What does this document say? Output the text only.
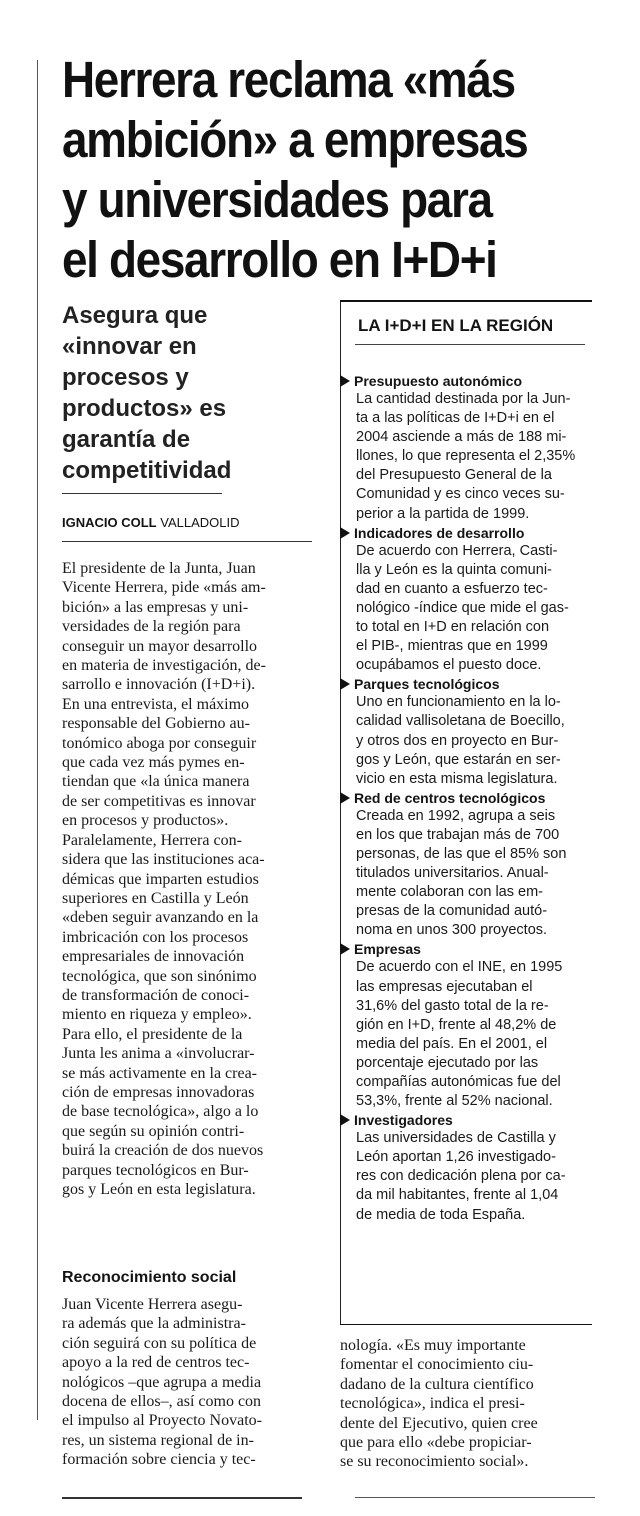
Herrera reclama «más
ambición» a empresas
y universidades para
el desarrollo en I+D+i
Asegura que
«innovar en
procesos y
productos» es
garantía de
competitividad
IGNACIO COLL VALLADOLID
El presidente de la Junta, Juan
Vicente Herrera, pide «más am-
bición» a las empresas y uni-
versidades de la región para
conseguir un mayor desarrollo
en materia de investigación, de-
sarrollo e innovación (I+D+i).
En una entrevista, el máximo
responsable del Gobierno au-
tonómico aboga por conseguir
que cada vez más pymes en-
tiendan que «la única manera
de ser competitivas es innovar
en procesos y productos».
Paralelamente, Herrera con-
sidera que las instituciones aca-
démicas que imparten estudios
superiores en Castilla y León
«deben seguir avanzando en la
imbricación con los procesos
empresariales de innovación
tecnológica, que son sinónimo
de transformación de conoci-
miento en riqueza y empleo».
Para ello, el presidente de la
Junta les anima a «involucrar-
se más activamente en la crea-
ción de empresas innovadoras
de base tecnológica», algo a lo
que según su opinión contri-
buirá la creación de dos nuevos
parques tecnológicos en Bur-
gos y León en esta legislatura.
Reconocimiento social
Juan Vicente Herrera asegu-
ra además que la administra-
ción seguirá con su política de
apoyo a la red de centros tec-
nológicos –que agrupa a media
docena de ellos–, así como con
el impulso al Proyecto Novato-
res, un sistema regional de in-
formación sobre ciencia y tec-
nología. «Es muy importante
fomentar el conocimiento ciu-
dadano de la cultura científico
tecnológica», indica el presi-
dente del Ejecutivo, quien cree
que para ello «debe propiciar-
se su reconocimiento social».
LA I+D+I EN LA REGIÓN
Presupuesto autonómico
La cantidad destinada por la Jun-
ta a las políticas de I+D+i en el
2004 asciende a más de 188 mi-
llones, lo que representa el 2,35%
del Presupuesto General de la
Comunidad y es cinco veces su-
perior a la partida de 1999.
Indicadores de desarrollo
De acuerdo con Herrera, Casti-
lla y León es la quinta comuni-
dad en cuanto a esfuerzo tec-
nológico -índice que mide el gas-
to total en I+D en relación con
el PIB-, mientras que en 1999
ocupábamos el puesto doce.
Parques tecnológicos
Uno en funcionamiento en la lo-
calidad vallisoletana de Boecillo,
y otros dos en proyecto en Bur-
gos y León, que estarán en ser-
vicio en esta misma legislatura.
Red de centros tecnológicos
Creada en 1992, agrupa a seis
en los que trabajan más de 700
personas, de las que el 85% son
titulados universitarios. Anual-
mente colaboran con las em-
presas de la comunidad autó-
noma en unos 300 proyectos.
Empresas
De acuerdo con el INE, en 1995
las empresas ejecutaban el
31,6% del gasto total de la re-
gión en I+D, frente al 48,2% de
media del país. En el 2001, el
porcentaje ejecutado por las
compañías autonómicas fue del
53,3%, frente al 52% nacional.
Investigadores
Las universidades de Castilla y
León aportan 1,26 investigado-
res con dedicación plena por ca-
da mil habitantes, frente al 1,04
de media de toda España.
